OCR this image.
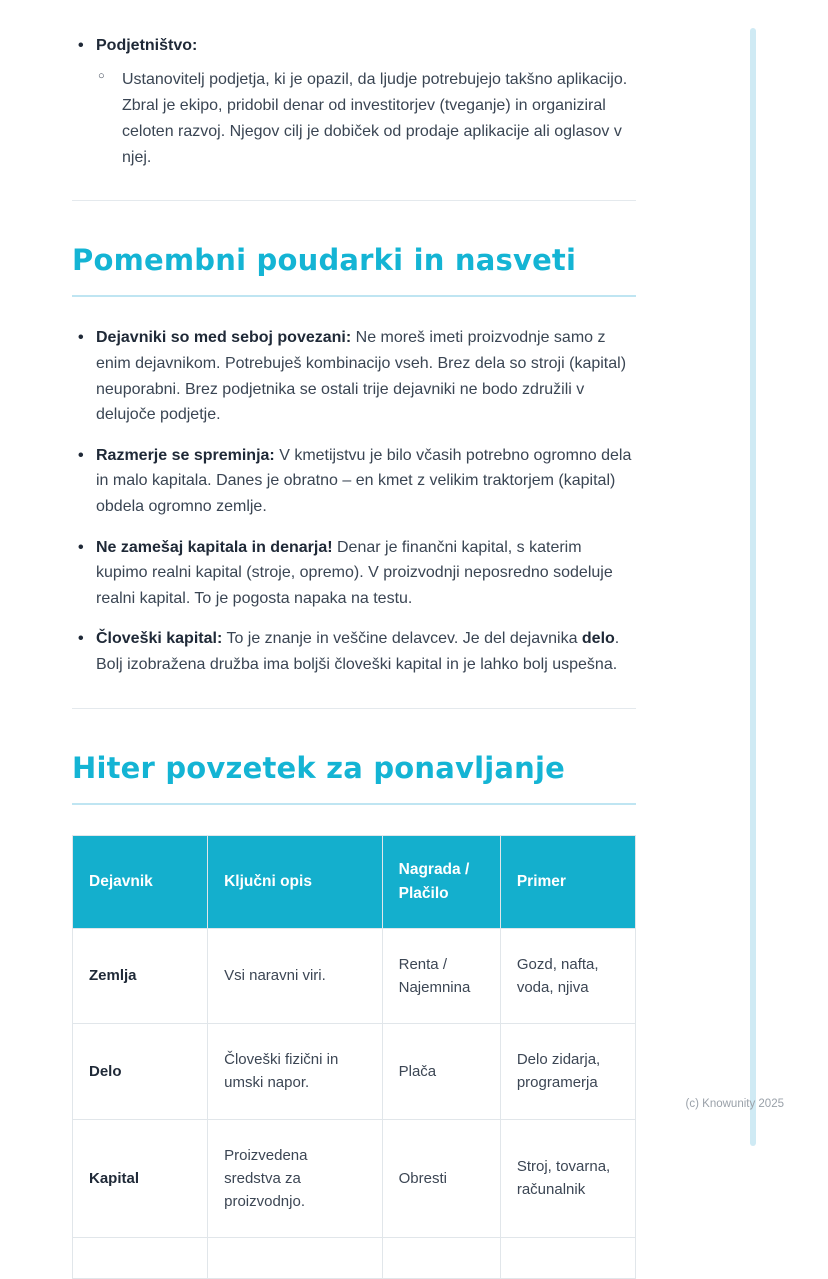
• Podjetništvo:
○ Ustanovitelj podjetja, ki je opazil, da ljudje potrebujejo takšno aplikacijo. Zbral je ekipo, pridobil denar od investitorjev (tveganje) in organiziral celoten razvoj. Njegov cilj je dobiček od prodaje aplikacije ali oglasov v njej.
Pomembni poudarki in nasveti
• Dejavniki so med seboj povezani: Ne moreš imeti proizvodnje samo z enim dejavnikom. Potrebuješ kombinacijo vseh. Brez dela so stroji (kapital) neuporabni. Brez podjetnika se ostali trije dejavniki ne bodo združili v delujoče podjetje.
• Razmerje se spreminja: V kmetijstvu je bilo včasih potrebno ogromno dela in malo kapitala. Danes je obratno – en kmet z velikim traktorjem (kapital) obdela ogromno zemlje.
• Ne zamešaj kapitala in denarja! Denar je finančni kapital, s katerim kupimo realni kapital (stroje, opremo). V proizvodnji neposredno sodeluje realni kapital. To je pogosta napaka na testu.
• Človeški kapital: To je znanje in veščine delavcev. Je del dejavnika delo. Bolj izobražena družba ima boljši človeški kapital in je lahko bolj uspešna.
Hiter povzetek za ponavljanje
Dejavnik	Ključni opis	Nagrada / Plačilo	Primer
Zemlja	Vsi naravni viri.	Renta / Najemnina	Gozd, nafta, voda, njiva
Delo	Človeški fizični in umski napor.	Plača	Delo zidarja, programerja
Kapital	Proizvedena sredstva za proizvodnjo.	Obresti	Stroj, tovarna, računalnik

(c) Knowunity 2025
